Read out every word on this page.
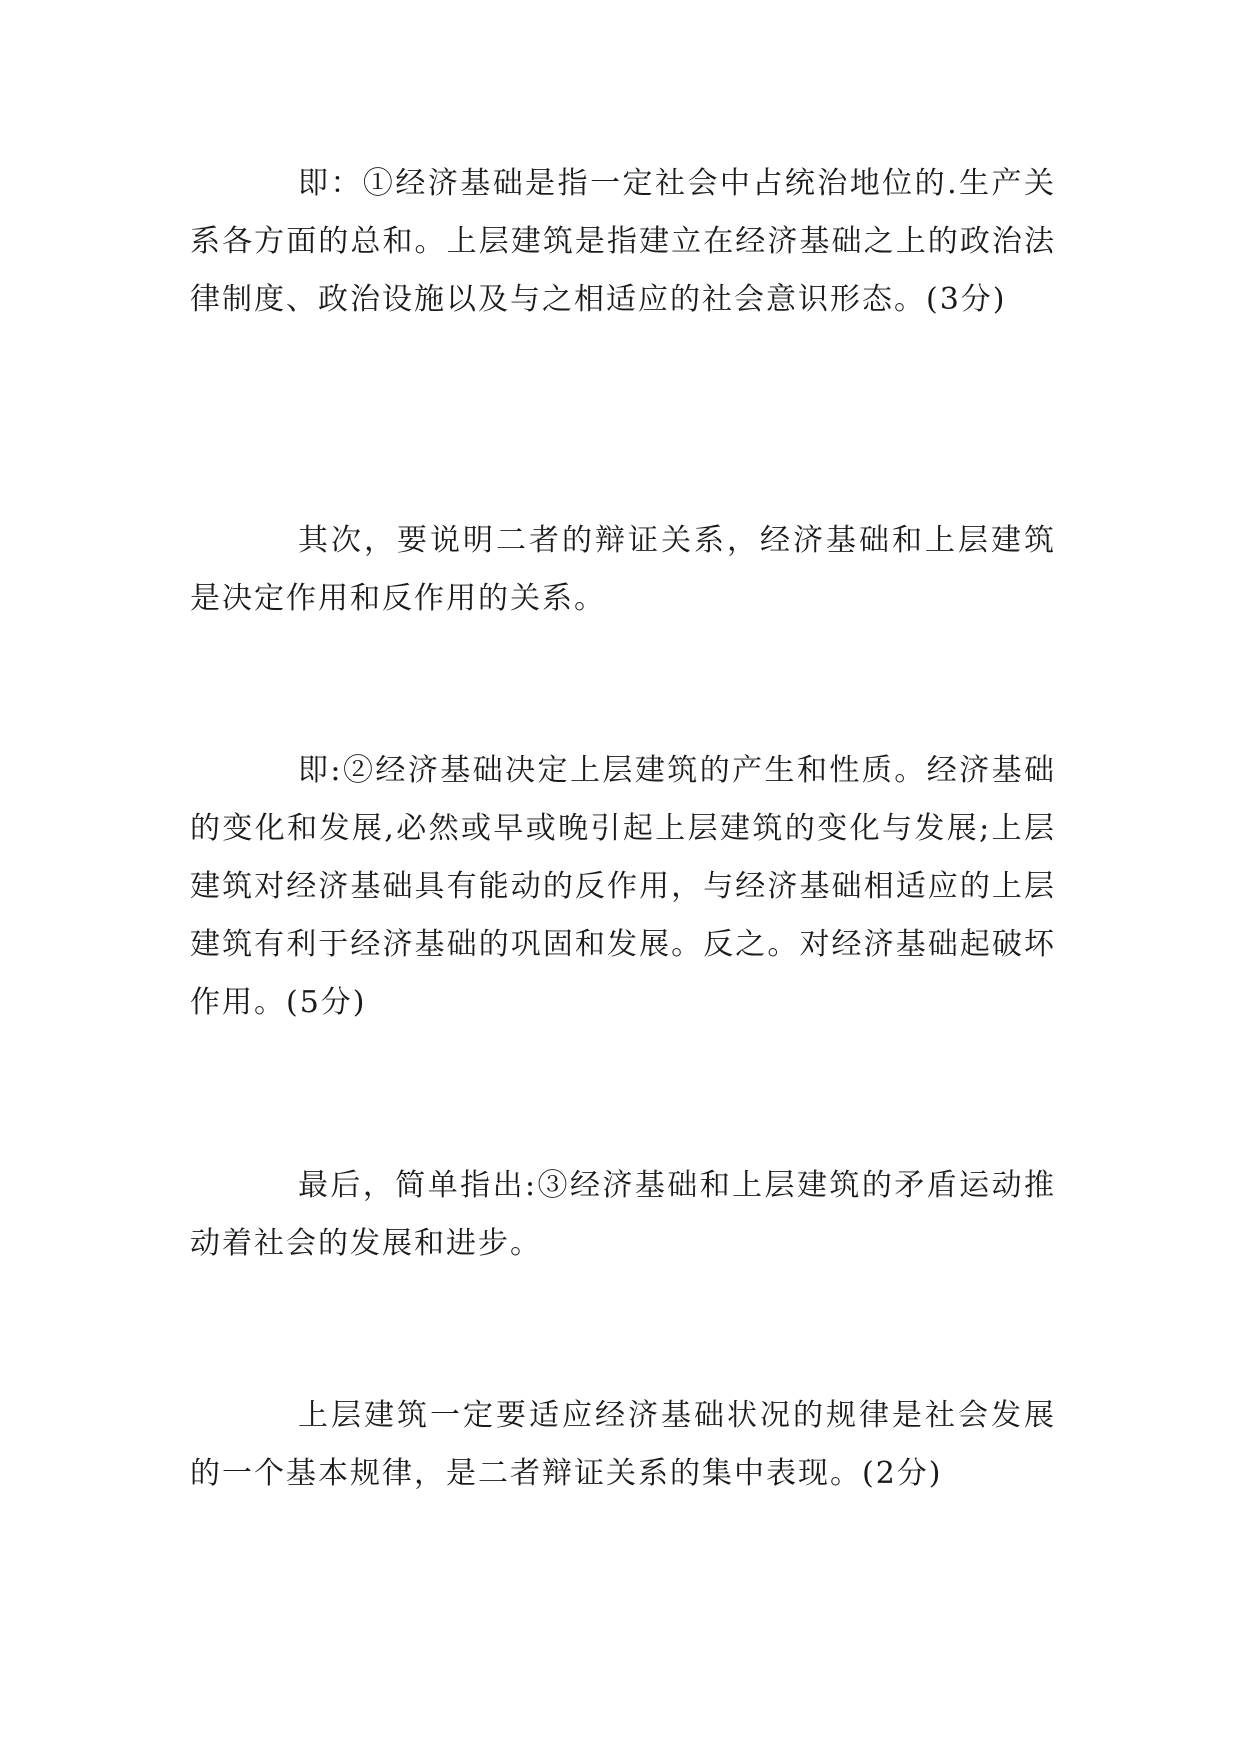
即：①经济基础是指一定社会中占统治地位的.生产关系各方面的总和。上层建筑是指建立在经济基础之上的政治法律制度、政治设施以及与之相适应的社会意识形态。(3分)

其次，要说明二者的辩证关系，经济基础和上层建筑是决定作用和反作用的关系。

即:②经济基础决定上层建筑的产生和性质。经济基础的变化和发展,必然或早或晚引起上层建筑的变化与发展;上层建筑对经济基础具有能动的反作用，与经济基础相适应的上层建筑有利于经济基础的巩固和发展。反之。对经济基础起破坏作用。(5分)

最后，简单指出:③经济基础和上层建筑的矛盾运动推动着社会的发展和进步。

上层建筑一定要适应经济基础状况的规律是社会发展的一个基本规律，是二者辩证关系的集中表现。(2分)
